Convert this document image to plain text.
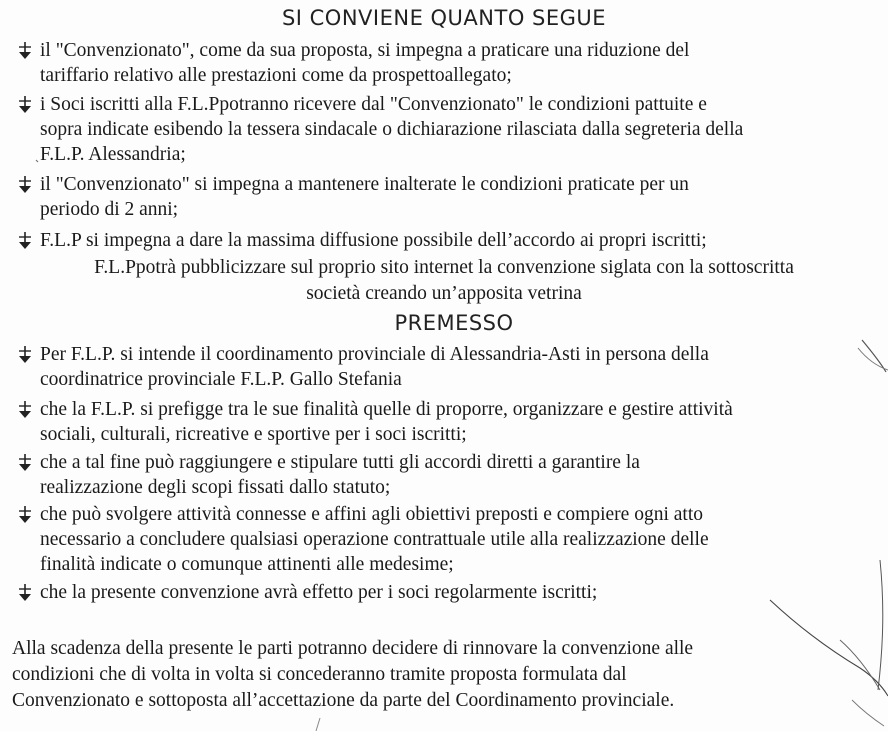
SI CONVIENE QUANTO SEGUE
il "Convenzionato", come da sua proposta, si impegna a praticare una riduzione del
tariffario relativo alle prestazioni come da prospettoallegato;
i Soci iscritti alla F.L.Ppotranno ricevere dal "Convenzionato" le condizioni pattuite e
sopra indicate esibendo la tessera sindacale o dichiarazione rilasciata dalla segreteria della
F.L.P. Alessandria;
il "Convenzionato" si impegna a mantenere inalterate le condizioni praticate per un
periodo di 2 anni;
F.L.P si impegna a dare la massima diffusione possibile dell’accordo ai propri iscritti;
F.L.Ppotrà pubblicizzare sul proprio sito internet la convenzione siglata con la sottoscritta
società creando un’apposita vetrina
PREMESSO
Per F.L.P. si intende il coordinamento provinciale di Alessandria-Asti in persona della
coordinatrice provinciale F.L.P. Gallo Stefania
che la F.L.P. si prefigge tra le sue finalità quelle di proporre, organizzare e gestire attività
sociali, culturali, ricreative e sportive per i soci iscritti;
che a tal fine può raggiungere e stipulare tutti gli accordi diretti a garantire la
realizzazione degli scopi fissati dallo statuto;
che può svolgere attività connesse e affini agli obiettivi preposti e compiere ogni atto
necessario a concludere qualsiasi operazione contrattuale utile alla realizzazione delle
finalità indicate o comunque attinenti alle medesime;
che la presente convenzione avrà effetto per i soci regolarmente iscritti;
Alla scadenza della presente le parti potranno decidere di rinnovare la convenzione alle
condizioni che di volta in volta si concederanno tramite proposta formulata dal
Convenzionato e sottoposta all’accettazione da parte del Coordinamento provinciale.
